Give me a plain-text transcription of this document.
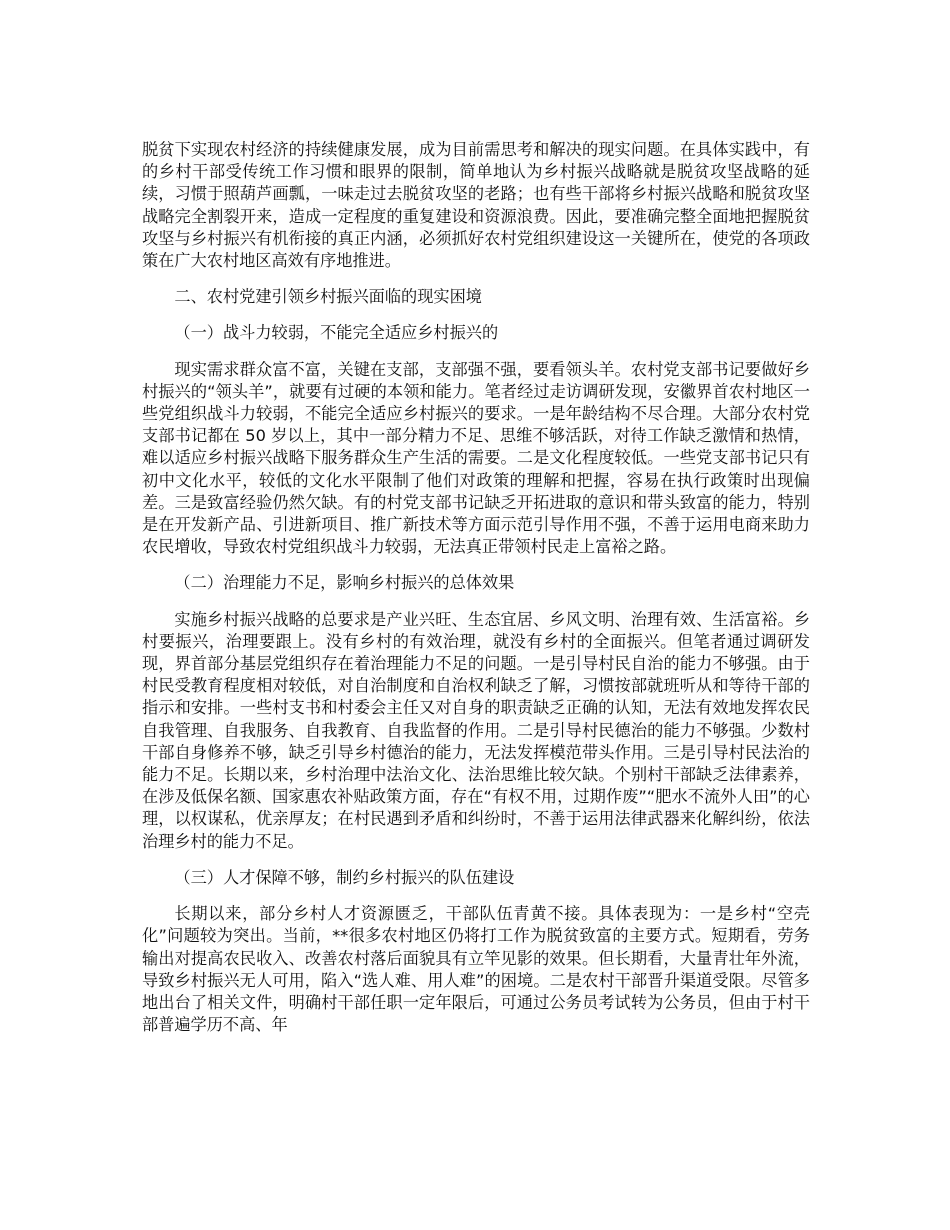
脱贫下实现农村经济的持续健康发展，成为目前需思考和解决的现实问题。在具体实践中，有的乡村干部受传统工作习惯和眼界的限制，简单地认为乡村振兴战略就是脱贫攻坚战略的延续，习惯于照葫芦画瓢，一味走过去脱贫攻坚的老路；也有些干部将乡村振兴战略和脱贫攻坚战略完全割裂开来，造成一定程度的重复建设和资源浪费。因此，要准确完整全面地把握脱贫攻坚与乡村振兴有机衔接的真正内涵，必须抓好农村党组织建设这一关键所在，使党的各项政策在广大农村地区高效有序地推进。

二、农村党建引领乡村振兴面临的现实困境

（一）战斗力较弱，不能完全适应乡村振兴的

现实需求群众富不富，关键在支部，支部强不强，要看领头羊。农村党支部书记要做好乡村振兴的“领头羊”，就要有过硬的本领和能力。笔者经过走访调研发现，安徽界首农村地区一些党组织战斗力较弱，不能完全适应乡村振兴的要求。一是年龄结构不尽合理。大部分农村党支部书记都在 50 岁以上，其中一部分精力不足、思维不够活跃，对待工作缺乏激情和热情，难以适应乡村振兴战略下服务群众生产生活的需要。二是文化程度较低。一些党支部书记只有初中文化水平，较低的文化水平限制了他们对政策的理解和把握，容易在执行政策时出现偏差。三是致富经验仍然欠缺。有的村党支部书记缺乏开拓进取的意识和带头致富的能力，特别是在开发新产品、引进新项目、推广新技术等方面示范引导作用不强，不善于运用电商来助力农民增收，导致农村党组织战斗力较弱，无法真正带领村民走上富裕之路。

（二）治理能力不足，影响乡村振兴的总体效果

实施乡村振兴战略的总要求是产业兴旺、生态宜居、乡风文明、治理有效、生活富裕。乡村要振兴，治理要跟上。没有乡村的有效治理，就没有乡村的全面振兴。但笔者通过调研发现，界首部分基层党组织存在着治理能力不足的问题。一是引导村民自治的能力不够强。由于村民受教育程度相对较低，对自治制度和自治权利缺乏了解，习惯按部就班听从和等待干部的指示和安排。一些村支书和村委会主任又对自身的职责缺乏正确的认知，无法有效地发挥农民自我管理、自我服务、自我教育、自我监督的作用。二是引导村民德治的能力不够强。少数村干部自身修养不够，缺乏引导乡村德治的能力，无法发挥模范带头作用。三是引导村民法治的能力不足。长期以来，乡村治理中法治文化、法治思维比较欠缺。个别村干部缺乏法律素养，在涉及低保名额、国家惠农补贴政策方面，存在“有权不用，过期作废”“肥水不流外人田”的心理，以权谋私，优亲厚友；在村民遇到矛盾和纠纷时，不善于运用法律武器来化解纠纷，依法治理乡村的能力不足。

（三）人才保障不够，制约乡村振兴的队伍建设

长期以来，部分乡村人才资源匮乏，干部队伍青黄不接。具体表现为：一是乡村“空壳化”问题较为突出。当前，**很多农村地区仍将打工作为脱贫致富的主要方式。短期看，劳务输出对提高农民收入、改善农村落后面貌具有立竿见影的效果。但长期看，大量青壮年外流，导致乡村振兴无人可用，陷入“选人难、用人难”的困境。二是农村干部晋升渠道受限。尽管多地出台了相关文件，明确村干部任职一定年限后，可通过公务员考试转为公务员，但由于村干部普遍学历不高、年
